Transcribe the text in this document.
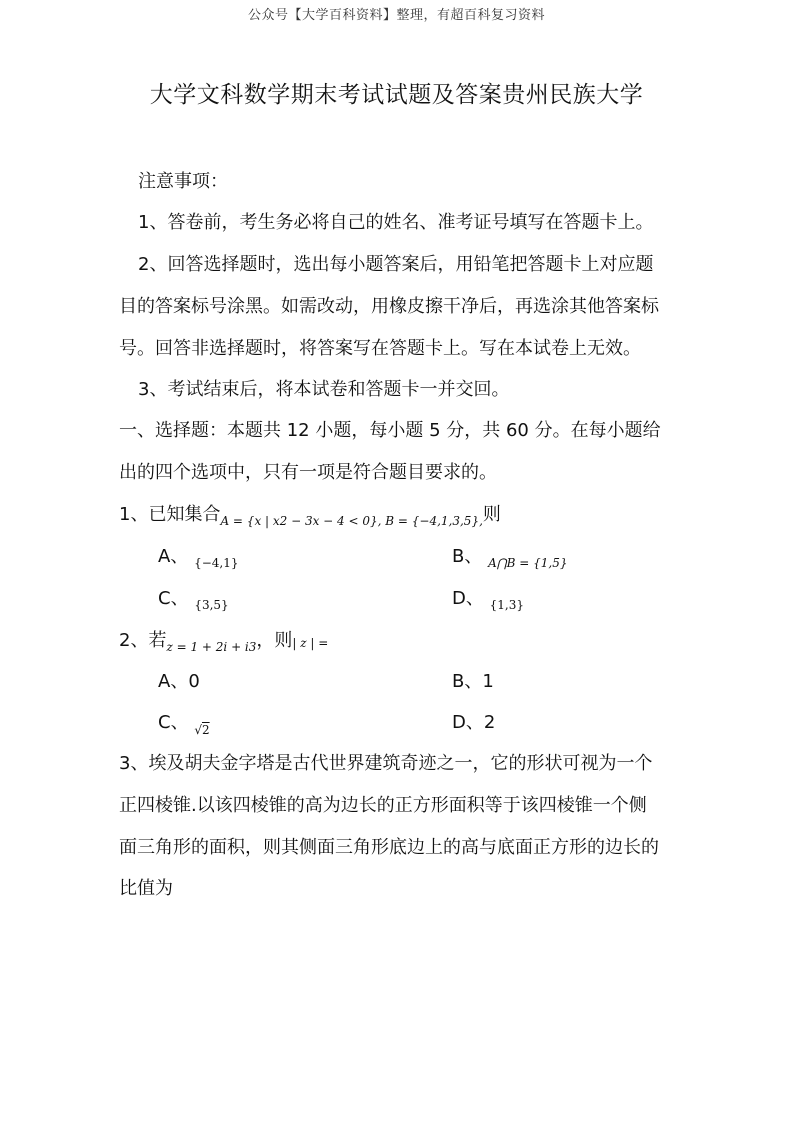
公众号【大学百科资料】整理，有超百科复习资料
大学文科数学期末考试试题及答案贵州民族大学
注意事项：
1、答卷前，考生务必将自己的姓名、准考证号填写在答题卡上。
2、回答选择题时，选出每小题答案后，用铅笔把答题卡上对应题
目的答案标号涂黑。如需改动，用橡皮擦干净后，再选涂其他答案标
号。回答非选择题时，将答案写在答题卡上。写在本试卷上无效。
3、考试结束后，将本试卷和答题卡一并交回。
一、选择题：本题共 12 小题，每小题 5 分，共 60 分。在每小题给
出的四个选项中，只有一项是符合题目要求的。
1、已知集合$_{A = \{x | x2 - 3x - 4 < 0\}, B = \{-4,1,3,5\},}$则
A、 $_{\{-4,1\}}$	B、 $_{A⋂B = \{1,5\}}$
C、 $_{\{3,5\}}$	D、 $_{\{1,3\}}$
2、若$_{z = 1 + 2i + i3}$，则| z | =
A、0	B、1
C、 $_{√2}$	D、2
3、埃及胡夫金字塔是古代世界建筑奇迹之一，它的形状可视为一个
正四棱锥.以该四棱锥的高为边长的正方形面积等于该四棱锥一个侧
面三角形的面积，则其侧面三角形底边上的高与底面正方形的边长的
比值为
